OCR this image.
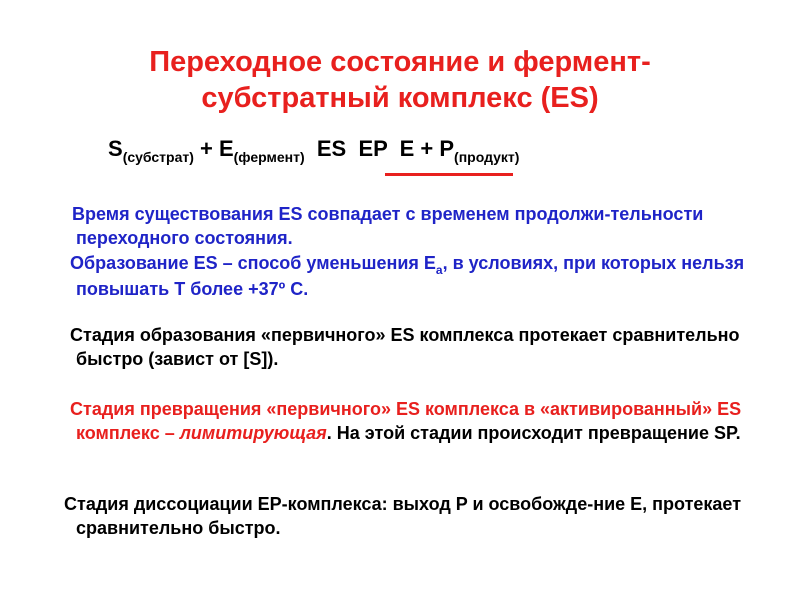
Переходное состояние и фермент-
субстратный комплекс (ES)
$S_{(субстрат)} + E_{(фермент)}$  ES  EP  $E + P_{(продукт)}$

Время существования ES совпадает с временем продолжи-тельности переходного состояния.

Образование ES – способ уменьшения $E_a$, в условиях, при которых нельзя повышать Т более +37º С.

Стадия образования «первичного» ES комплекса протекает сравнительно быстро (завист от [S]).

Стадия превращения «первичного» ES комплекса в «активированный» ES комплекс – лимитирующая. На этой стадии происходит превращение SP.

Стадия диссоциации EP-комплекса: выход P и освобожде-ние E, протекает сравнительно быстро.
